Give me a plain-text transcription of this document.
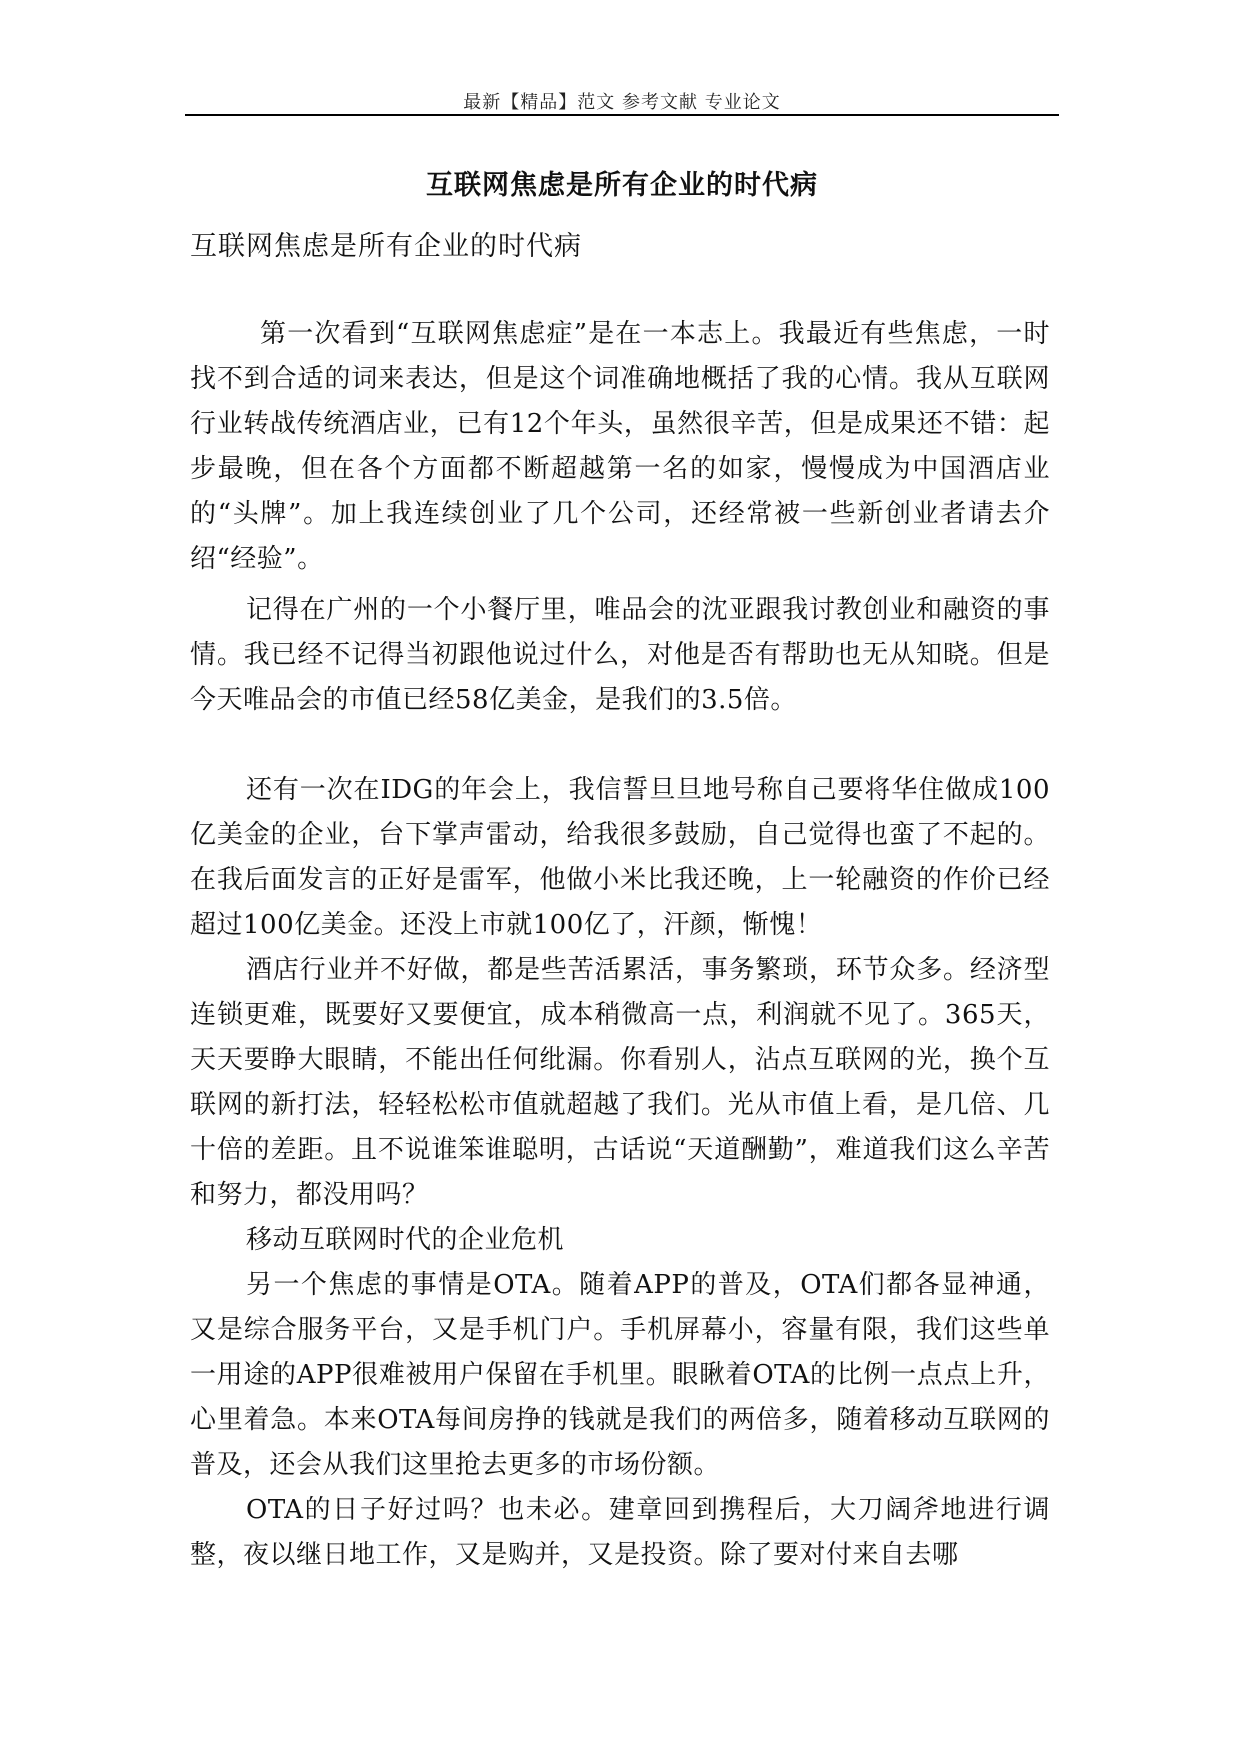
最新【精品】范文 参考文献 专业论文
互联网焦虑是所有企业的时代病
互联网焦虑是所有企业的时代病

第一次看到“互联网焦虑症”是在一本志上。我最近有些焦虑，一时找不到合适的词来表达，但是这个词准确地概括了我的心情。我从互联网行业转战传统酒店业，已有12个年头，虽然很辛苦，但是成果还不错：起步最晚，但在各个方面都不断超越第一名的如家，慢慢成为中国酒店业的“头牌”。加上我连续创业了几个公司，还经常被一些新创业者请去介绍“经验”。

记得在广州的一个小餐厅里，唯品会的沈亚跟我讨教创业和融资的事情。我已经不记得当初跟他说过什么，对他是否有帮助也无从知晓。但是今天唯品会的市值已经58亿美金，是我们的3.5倍。

还有一次在IDG的年会上，我信誓旦旦地号称自己要将华住做成100亿美金的企业，台下掌声雷动，给我很多鼓励，自己觉得也蛮了不起的。在我后面发言的正好是雷军，他做小米比我还晚，上一轮融资的作价已经超过100亿美金。还没上市就100亿了，汗颜，惭愧！

酒店行业并不好做，都是些苦活累活，事务繁琐，环节众多。经济型连锁更难，既要好又要便宜，成本稍微高一点，利润就不见了。365天，天天要睁大眼睛，不能出任何纰漏。你看别人，沾点互联网的光，换个互联网的新打法，轻轻松松市值就超越了我们。光从市值上看，是几倍、几十倍的差距。且不说谁笨谁聪明，古话说“天道酬勤”，难道我们这么辛苦和努力，都没用吗？

移动互联网时代的企业危机

另一个焦虑的事情是OTA。随着APP的普及，OTA们都各显神通，又是综合服务平台，又是手机门户。手机屏幕小，容量有限，我们这些单一用途的APP很难被用户保留在手机里。眼瞅着OTA的比例一点点上升，心里着急。本来OTA每间房挣的钱就是我们的两倍多，随着移动互联网的普及，还会从我们这里抢去更多的市场份额。

OTA的日子好过吗？也未必。建章回到携程后，大刀阔斧地进行调整，夜以继日地工作，又是购并，又是投资。除了要对付来自去哪
